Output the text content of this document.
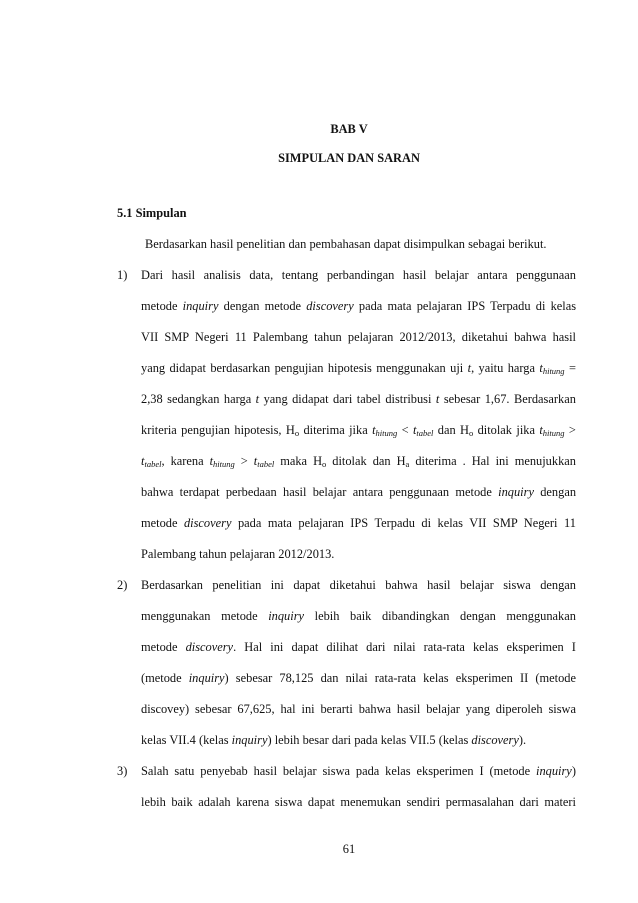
BAB V
SIMPULAN DAN SARAN
5.1 Simpulan
Berdasarkan hasil penelitian dan pembahasan dapat disimpulkan sebagai berikut.
1) Dari hasil analisis data, tentang perbandingan hasil belajar antara penggunaan
metode inquiry dengan metode discovery pada mata pelajaran IPS Terpadu di kelas
VII SMP Negeri 11 Palembang tahun pelajaran 2012/2013, diketahui bahwa hasil
yang didapat berdasarkan pengujian hipotesis menggunakan uji t, yaitu harga $t_{hitung}$ =
2,38 sedangkan harga t yang didapat dari tabel distribusi t sebesar 1,67. Berdasarkan
kriteria pengujian hipotesis, $H_o$ diterima jika $t_{hitung} < t_{tabel}$ dan $H_o$ ditolak jika $t_{hitung}$ >
$t_{tabel}$, karena $t_{hitung} > t_{tabel}$ maka $H_o$ ditolak dan $H_a$ diterima . Hal ini menujukkan
bahwa terdapat perbedaan hasil belajar antara penggunaan metode inquiry dengan
metode discovery pada mata pelajaran IPS Terpadu di kelas VII SMP Negeri 11
Palembang tahun pelajaran 2012/2013.
2) Berdasarkan penelitian ini dapat diketahui bahwa hasil belajar siswa dengan
menggunakan metode inquiry lebih baik dibandingkan dengan menggunakan
metode discovery. Hal ini dapat dilihat dari nilai rata-rata kelas eksperimen I
(metode inquiry) sebesar 78,125 dan nilai rata-rata kelas eksperimen II (metode
discovey) sebesar 67,625, hal ini berarti bahwa hasil belajar yang diperoleh siswa
kelas VII.4 (kelas inquiry) lebih besar dari pada kelas VII.5 (kelas discovery).
3) Salah satu penyebab hasil belajar siswa pada kelas eksperimen I (metode inquiry)
lebih baik adalah karena siswa dapat menemukan sendiri permasalahan dari materi
61
